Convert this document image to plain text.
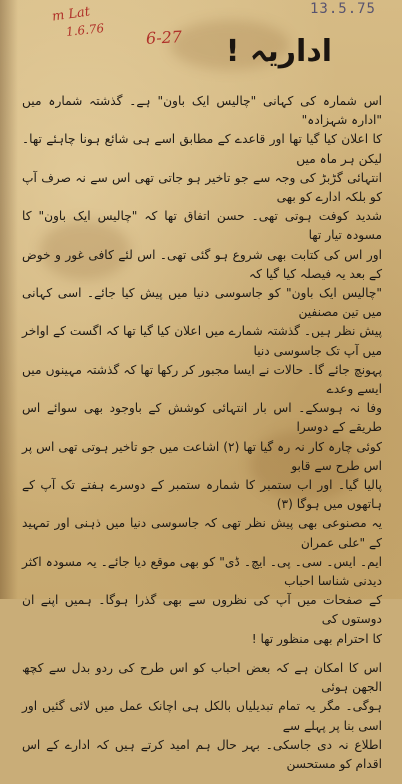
m Lat
1.6.76	6-27
13.5.75
اداریہ !

اس شمارہ کی کہانی "چالیس ایک باون" ہے۔ گذشتہ شمارہ میں "ادارہ شہزادہ"

کا اعلان کیا گیا تھا اور قاعدے کے مطابق اسے ہی شائع ہونا چاہئے تھا۔ لیکن ہر ماہ میں

انتہائی گڑبڑ کی وجہ سے جو تاخیر ہو جاتی تھی اس سے نہ صرف آپ کو بلکہ ادارے کو بھی

شدید کوفت ہوتی تھی۔ حسن اتفاق تھا کہ "چالیس ایک باون" کا مسودہ تیار تھا

اور اس کی کتابت بھی شروع ہو گئی تھی۔ اس لئے کافی غور و خوض کے بعد یہ فیصلہ کیا گیا کہ

"چالیس ایک باون" کو جاسوسی دنیا میں پیش کیا جائے۔ اسی کہانی میں تین مصنفین

پیش نظر ہیں۔ گذشتہ شمارے میں اعلان کیا گیا تھا کہ اگست کے اواخر میں آپ تک جاسوسی دنیا

پہونچ جائے گا۔ حالات نے ایسا مجبور کر رکھا تھا کہ گذشتہ مہینوں میں ایسے وعدے

وفا نہ ہوسکے۔ اس بار انتہائی کوشش کے باوجود بھی سوائے اس طریقے کے دوسرا

کوئی چارہ کار نہ رہ گیا تھا (۲) اشاعت میں جو تاخیر ہوتی تھی اس پر اس طرح سے قابو

پالیا گیا۔ اور اب ستمبر کا شمارہ ستمبر کے دوسرے ہفتے تک آپ کے ہاتھوں میں ہوگا (۳)

یہ مصنوعی بھی پیش نظر تھی کہ جاسوسی دنیا میں ذہنی اور تمہید کے "علی عمران

ایم۔ ایس۔ سی۔ پی۔ ایچ۔ ڈی" کو بھی موقع دیا جائے۔ یہ مسودہ اکثر دیدنی شناسا احباب

کے صفحات میں آپ کی نظروں سے بھی گذرا ہوگا۔ ہمیں اپنے ان دوستوں کی

کا احترام بھی منظور تھا !

اس کا امکان ہے کہ بعض احباب کو اس طرح کی ردو بدل سے کچھ الجھن ہوئی

ہوگی۔ مگر یہ تمام تبدیلیاں بالکل ہی اچانک عمل میں لائی گئیں اور اسی بنا پر پہلے سے

اطلاع نہ دی جاسکی۔ بہر حال ہم امید کرتے ہیں کہ ادارے کے اس اقدام کو مستحسن
